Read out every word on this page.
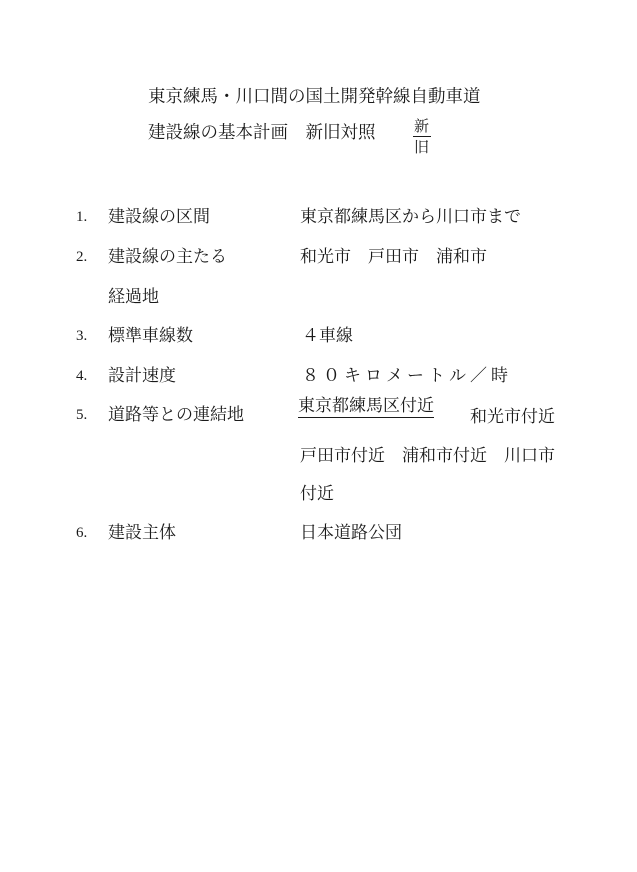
東京練馬・川口間の国土開発幹線自動車道
建設線の基本計画　新旧対照	新
旧
1. 建設線の区間	東京都練馬区から川口市まで
2. 建設線の主たる	和光市　戸田市　浦和市
経過地
3. 標準車線数	４車線
4. 設計速度	８０キロメートル／時
5. 道路等との連結地	東京都練馬区付近
和光市付近
戸田市付近　浦和市付近　川口市
付近
6. 建設主体	日本道路公団
